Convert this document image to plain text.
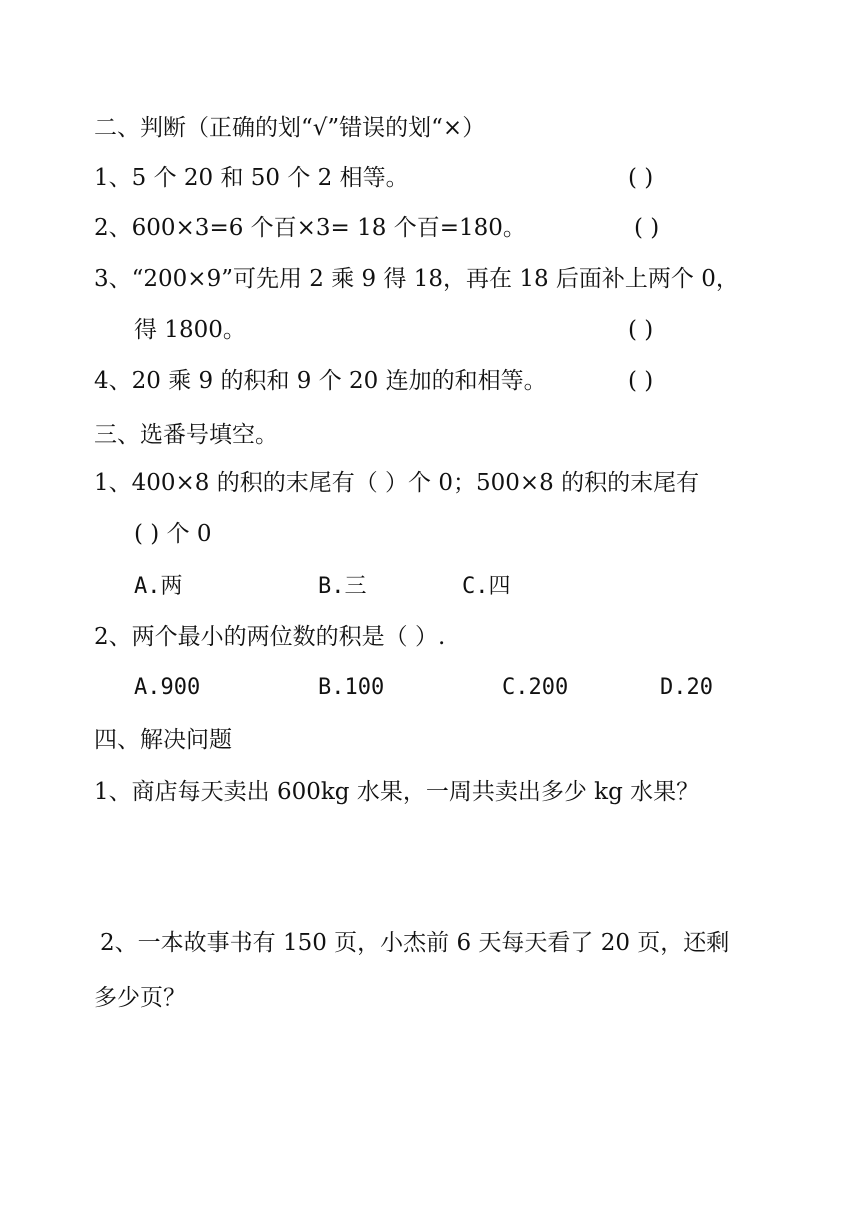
二、判断（正确的划“√”错误的划“×）
1、5 个 20 和 50 个 2 相等。	( )
2、600×3=6 个百×3= 18 个百=180。	( )
3、“200×9”可先用 2 乘 9 得 18，再在 18 后面补上两个 0，
得 1800。	( )
4、20 乘 9 的积和 9 个 20 连加的和相等。	( )
三、选番号填空。
1、400×8 的积的末尾有（ ）个 0；500×8 的积的末尾有
( ) 个 0
A.两	B.三	C.四
2、两个最小的两位数的积是（ ）.
A.900	B.100	C.200	D.20
四、解决问题
1、商店每天卖出 600kg 水果，一周共卖出多少 kg 水果？
2、一本故事书有 150 页，小杰前 6 天每天看了 20 页，还剩
多少页？
